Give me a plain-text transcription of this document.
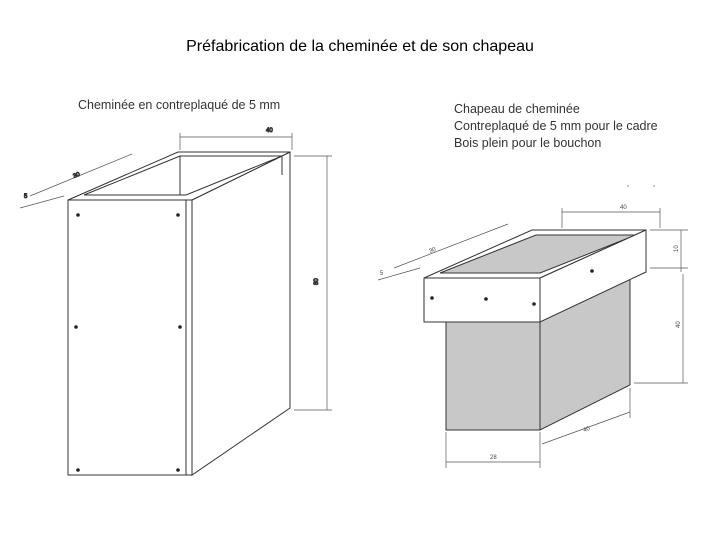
Préfabrication de la cheminée et de son chapeau
Cheminée en contreplaqué de 5 mm	Chapeau de cheminée
Contreplaqué de 5 mm pour le cadre
Bois plein pour le bouchon
40
30
5
80
40
30
5
10
40
40
28
